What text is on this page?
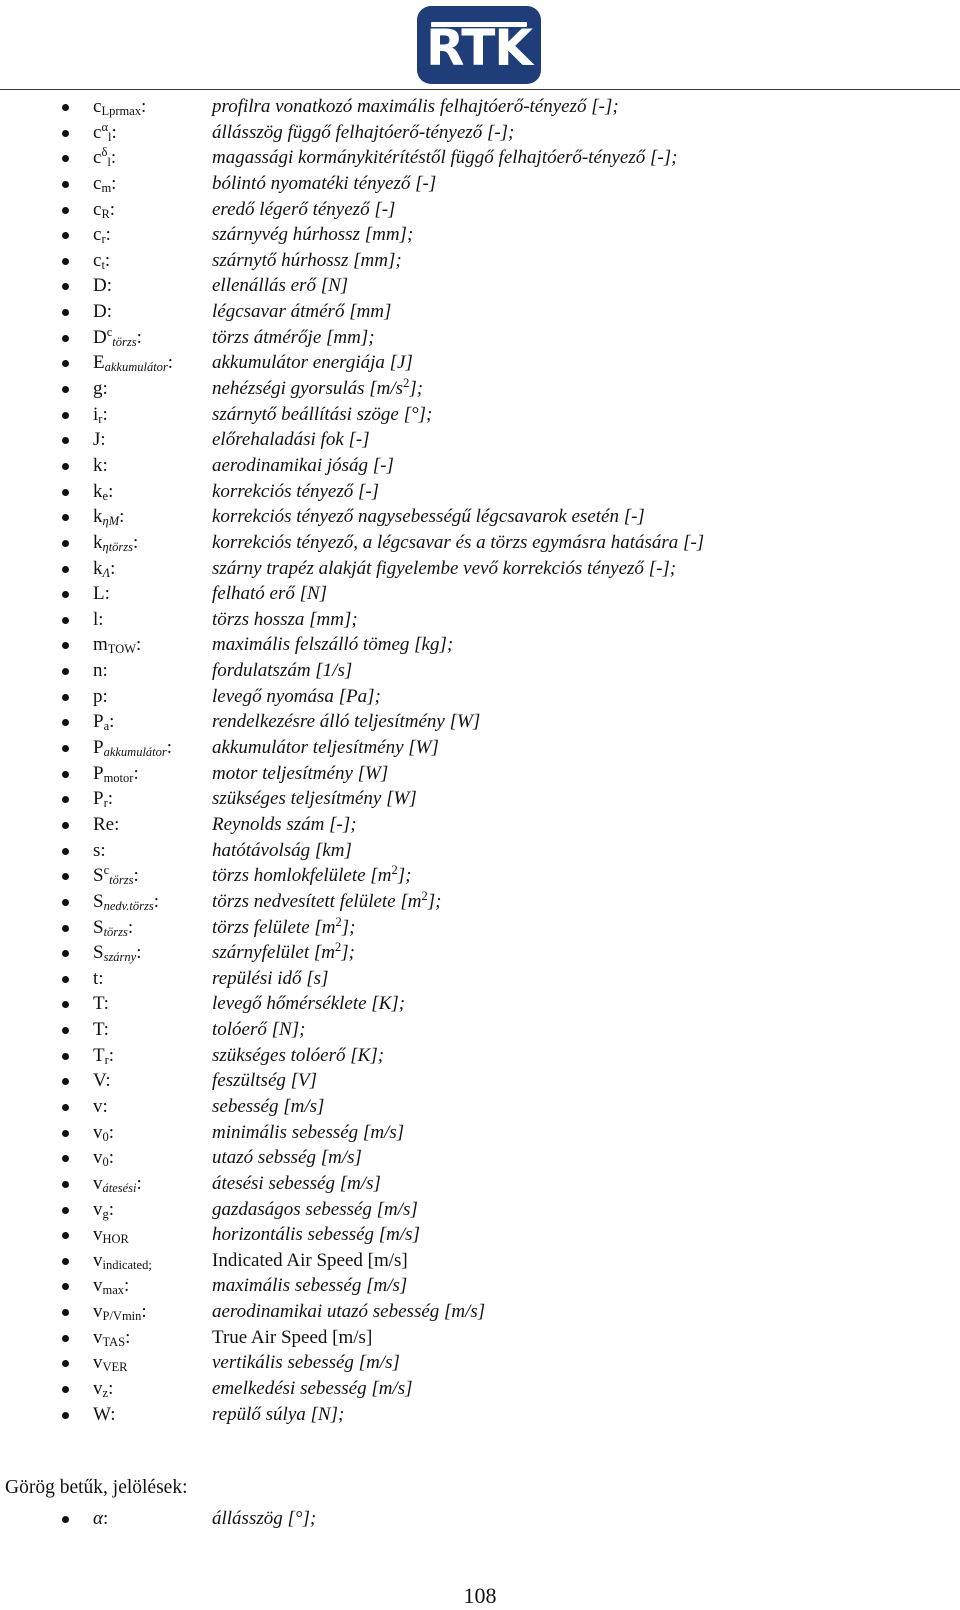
RTK
$c_{Lprmax}$:	profilra vonatkozó maximális felhajtóerő-tényező [-];
$c^\alpha_l$:	állásszög függő felhajtóerő-tényező [-];
$c^\delta_l$:	magassági kormánykitérítéstől függő felhajtóerő-tényező [-];
$c_m$:	bólintó nyomatéki tényező [-]
$c_R$:	eredő légerő tényező [-]
$c_r$:	szárnyvég húrhossz [mm];
$c_t$:	szárnytő húrhossz [mm];
D:	ellenállás erő [N]
D:	légcsavar átmérő [mm]
$D^c_{törzs}$:	törzs átmérője [mm];
$E_{akkumulátor}$: akkumulátor energiája [J]
g:	nehézségi gyorsulás $[m/s^2]$;
$i_r$:	szárnytő beállítási szöge [°];
J:	előrehaladási fok [-]
k:	aerodinamikai jóság [-]
$k_e$:	korrekciós tényező [-]
$k_{\eta M}$:	korrekciós tényező nagysebességű légcsavarok esetén [-]
$k_{\eta törzs}$:	korrekciós tényező, a légcsavar és a törzs egymásra hatására [-]
$k_\Lambda$:	szárny trapéz alakját figyelembe vevő korrekciós tényező [-];
L:	felható erő [N]
l:	törzs hossza [mm];
$m_{TOW}$:	maximális felszálló tömeg [kg];
n:	fordulatszám [1/s]
p:	levegő nyomása [Pa];
$P_a$:	rendelkezésre álló teljesítmény [W]
$P_{akkumulátor}$: akkumulátor teljesítmény [W]
$P_{motor}$:	motor teljesítmény [W]
$P_r$:	szükséges teljesítmény [W]
Re:	Reynolds szám [-];
s:	hatótávolság [km]
$S^c_{törzs}$:	törzs homlokfelülete $[m^2]$;
$S_{nedv.törzs}$:	törzs nedvesített felülete $[m^2]$;
$S_{törzs}$:	törzs felülete $[m^2]$;
$S_{szárny}$:	szárnyfelület $[m^2]$;
t:	repülési idő [s]
T:	levegő hőmérséklete [K];
T:	tolóerő [N];
$T_r$:	szükséges tolóerő [K];
V:	feszültség [V]
v:	sebesség [m/s]
$v_0$:	minimális sebesség [m/s]
$v_0$:	utazó sebsség [m/s]
$v_{átesési}$:	átesési sebesség [m/s]
$v_g$:	gazdaságos sebesség [m/s]
$v_{HOR}$	horizontális sebesség [m/s]
$v_{indicated;}$	Indicated Air Speed [m/s]
$v_{max}$:	maximális sebesség [m/s]
$v_{P/Vmin}$:	aerodinamikai utazó sebesség [m/s]
$v_{TAS}$:	True Air Speed [m/s]
$v_{VER}$	vertikális sebesség [m/s]
$v_z$:	emelkedési sebesség [m/s]
W:	repülő súlya [N];
Görög betűk, jelölések:
α:	állásszög [°];
108
